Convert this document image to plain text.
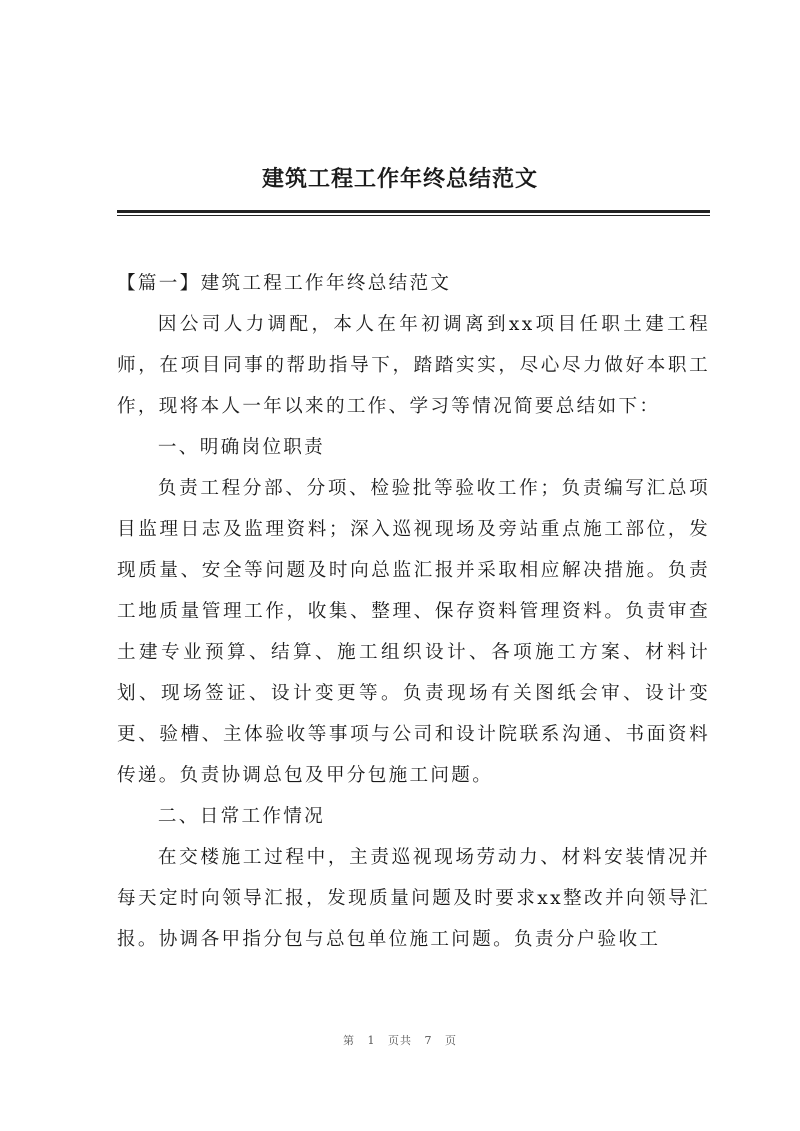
建筑工程工作年终总结范文

【篇一】建筑工程工作年终总结范文

因公司人力调配，本人在年初调离到xx项目任职土建工程师，在项目同事的帮助指导下，踏踏实实，尽心尽力做好本职工作，现将本人一年以来的工作、学习等情况简要总结如下：

一、明确岗位职责

负责工程分部、分项、检验批等验收工作；负责编写汇总项目监理日志及监理资料；深入巡视现场及旁站重点施工部位，发现质量、安全等问题及时向总监汇报并采取相应解决措施。负责工地质量管理工作，收集、整理、保存资料管理资料。负责审查土建专业预算、结算、施工组织设计、各项施工方案、材料计划、现场签证、设计变更等。负责现场有关图纸会审、设计变更、验槽、主体验收等事项与公司和设计院联系沟通、书面资料传递。负责协调总包及甲分包施工问题。

二、日常工作情况

在交楼施工过程中，主责巡视现场劳动力、材料安装情况并每天定时向领导汇报，发现质量问题及时要求xx整改并向领导汇报。协调各甲指分包与总包单位施工问题。负责分户验收工

第 1 页共 7 页
